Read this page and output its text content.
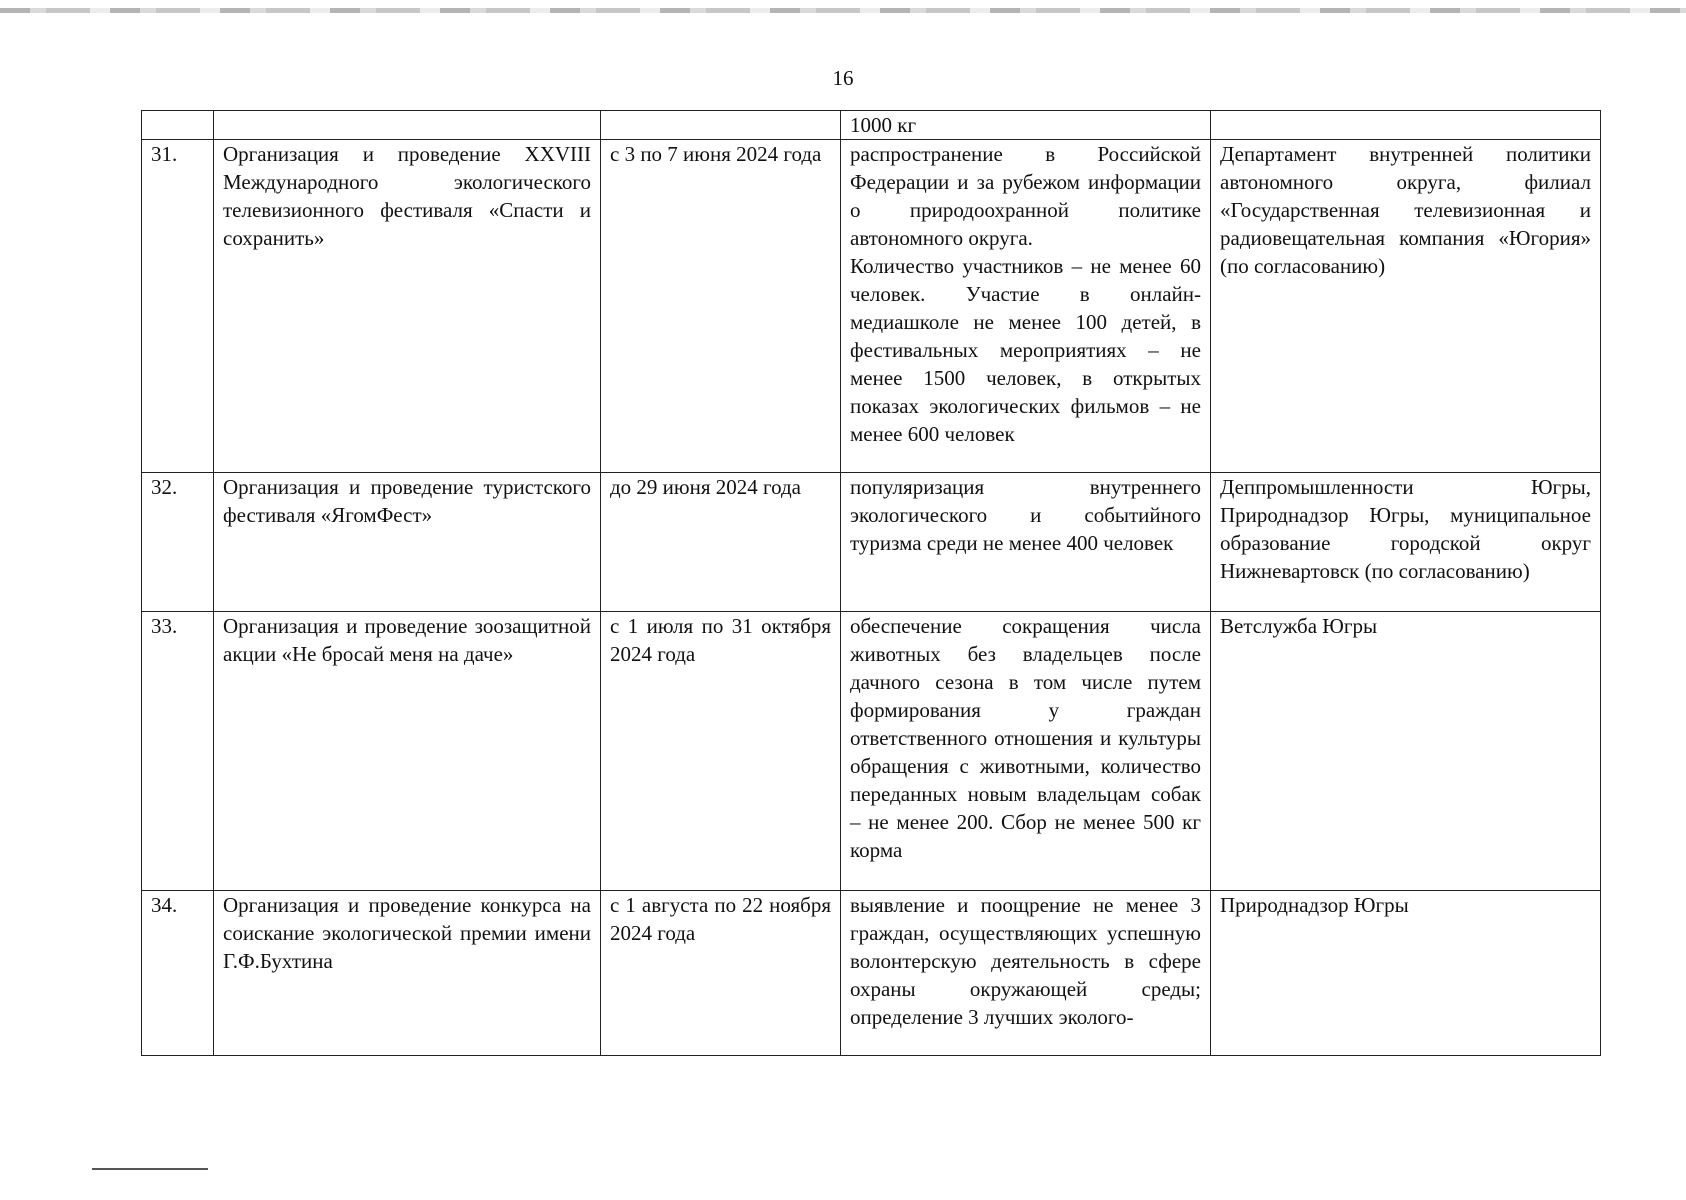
16
			1000 кг	
31.	Организация и проведение XXVIII Международного экологического телевизионного фестиваля «Спасти и сохранить»	с 3 по 7 июня 2024 года	распространение в Российской Федерации и за рубежом информации о природоохранной политике автономного округа.

Количество участников – не менее 60 человек. Участие в онлайн-медиашколе не менее 100 детей, в фестивальных мероприятиях – не менее 1500 человек, в открытых показах экологических фильмов – не менее 600 человек	Департамент внутренней политики автономного округа, филиал «Государственная телевизионная и радиовещательная компания «Югория» (по согласованию)
32.	Организация и проведение туристского фестиваля «ЯгомФест»	до 29 июня 2024 года	популяризация внутреннего экологического и событийного туризма среди не менее 400 человек	Деппромышленности Югры, Природнадзор Югры, муниципальное образование городской округ Нижневартовск (по согласованию)
33.	Организация и проведение зоозащитной акции «Не бросай меня на даче»	с 1 июля по 31 октября 2024 года	обеспечение сокращения числа животных без владельцев после дачного сезона в том числе путем формирования у граждан ответственного отношения и культуры обращения с животными, количество переданных новым владельцам собак – не менее 200. Сбор не менее 500 кг корма	Ветслужба Югры
34.	Организация и проведение конкурса на соискание экологической премии имени Г.Ф.Бухтина	с 1 августа по 22 ноября 2024 года	выявление и поощрение не менее 3 граждан, осуществляющих успешную волонтерскую деятельность в сфере охраны окружающей среды; определение 3 лучших эколого-	Природнадзор Югры
